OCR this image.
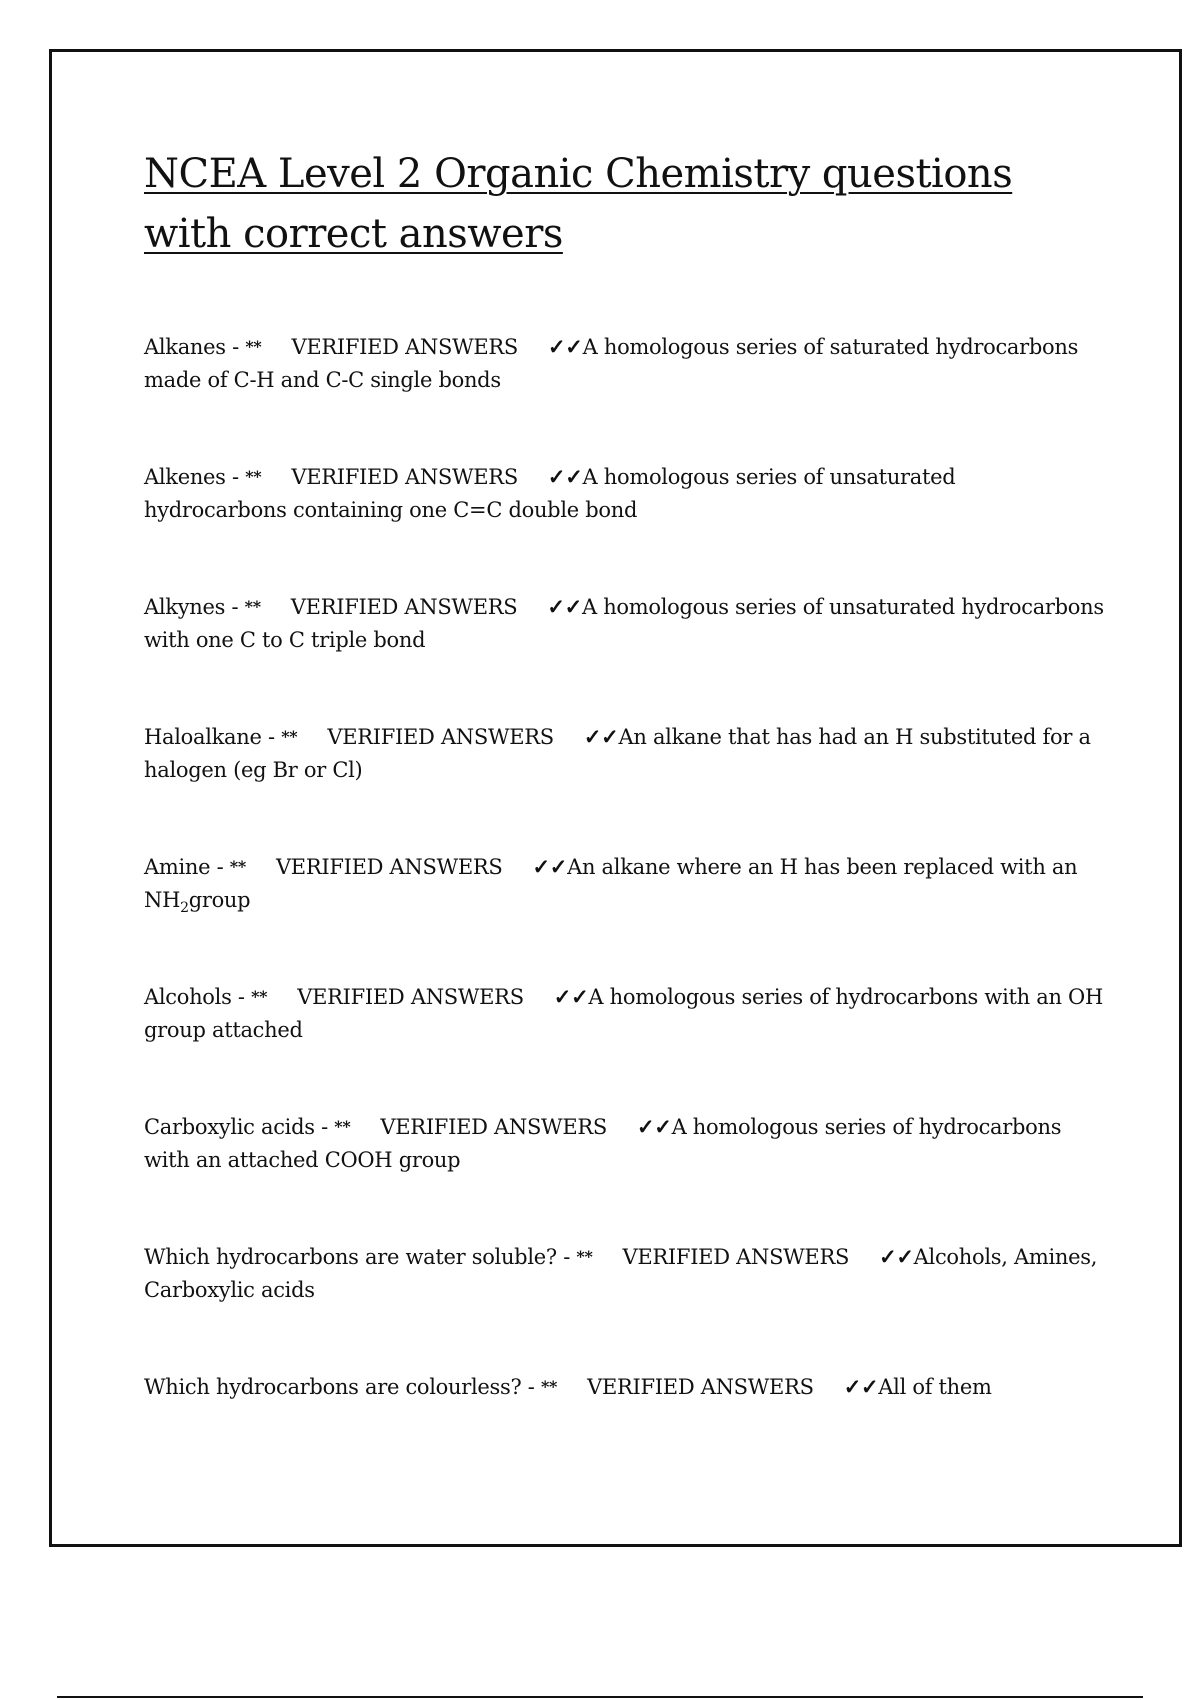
NCEA Level 2 Organic Chemistry questions with correct answers

Alkanes - ** VERIFIED ANSWERS ✓✓A homologous series of saturated hydrocarbons made of C-H and C-C single bonds

Alkenes - ** VERIFIED ANSWERS ✓✓A homologous series of unsaturated hydrocarbons containing one C=C double bond

Alkynes - ** VERIFIED ANSWERS ✓✓A homologous series of unsaturated hydrocarbons with one C to C triple bond

Haloalkane - ** VERIFIED ANSWERS ✓✓An alkane that has had an H substituted for a halogen (eg Br or Cl)

Amine - ** VERIFIED ANSWERS ✓✓An alkane where an H has been replaced with an $NH_2group$

Alcohols - ** VERIFIED ANSWERS ✓✓A homologous series of hydrocarbons with an OH group attached

Carboxylic acids - ** VERIFIED ANSWERS ✓✓A homologous series of hydrocarbons with an attached COOH group

Which hydrocarbons are water soluble? - ** VERIFIED ANSWERS ✓✓Alcohols, Amines, Carboxylic acids

Which hydrocarbons are colourless? - ** VERIFIED ANSWERS ✓✓All of them
